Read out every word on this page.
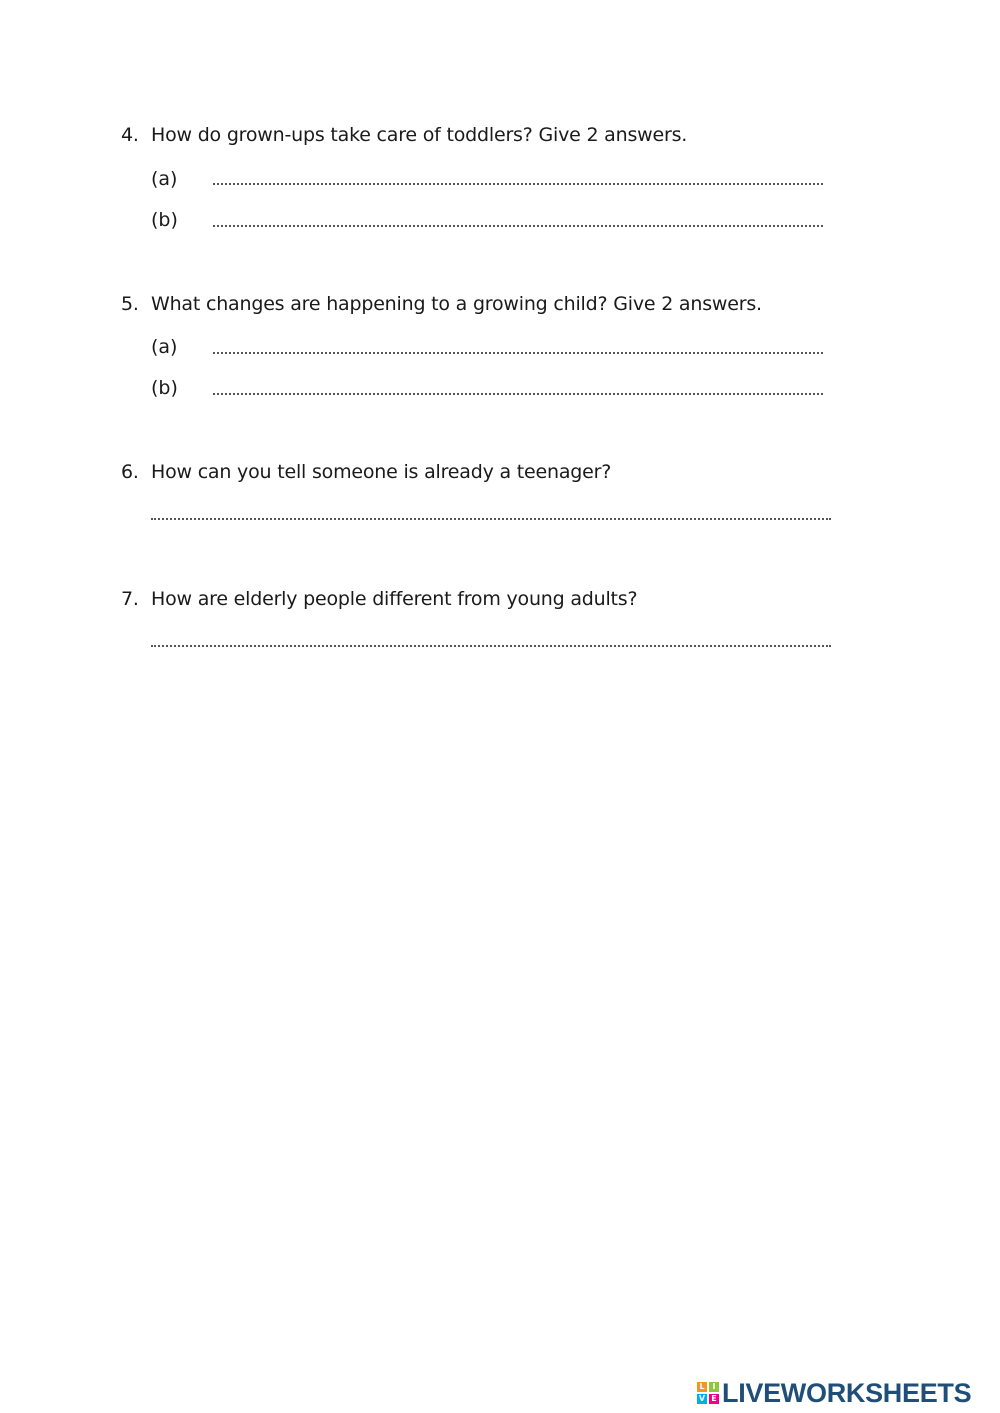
4. How do grown-ups take care of toddlers? Give 2 answers.
(a)
(b)
5. What changes are happening to a growing child? Give 2 answers.
(a)
(b)
6. How can you tell someone is already a teenager?
7. How are elderly people different from young adults?
L I
V E LIVEWORKSHEETS
